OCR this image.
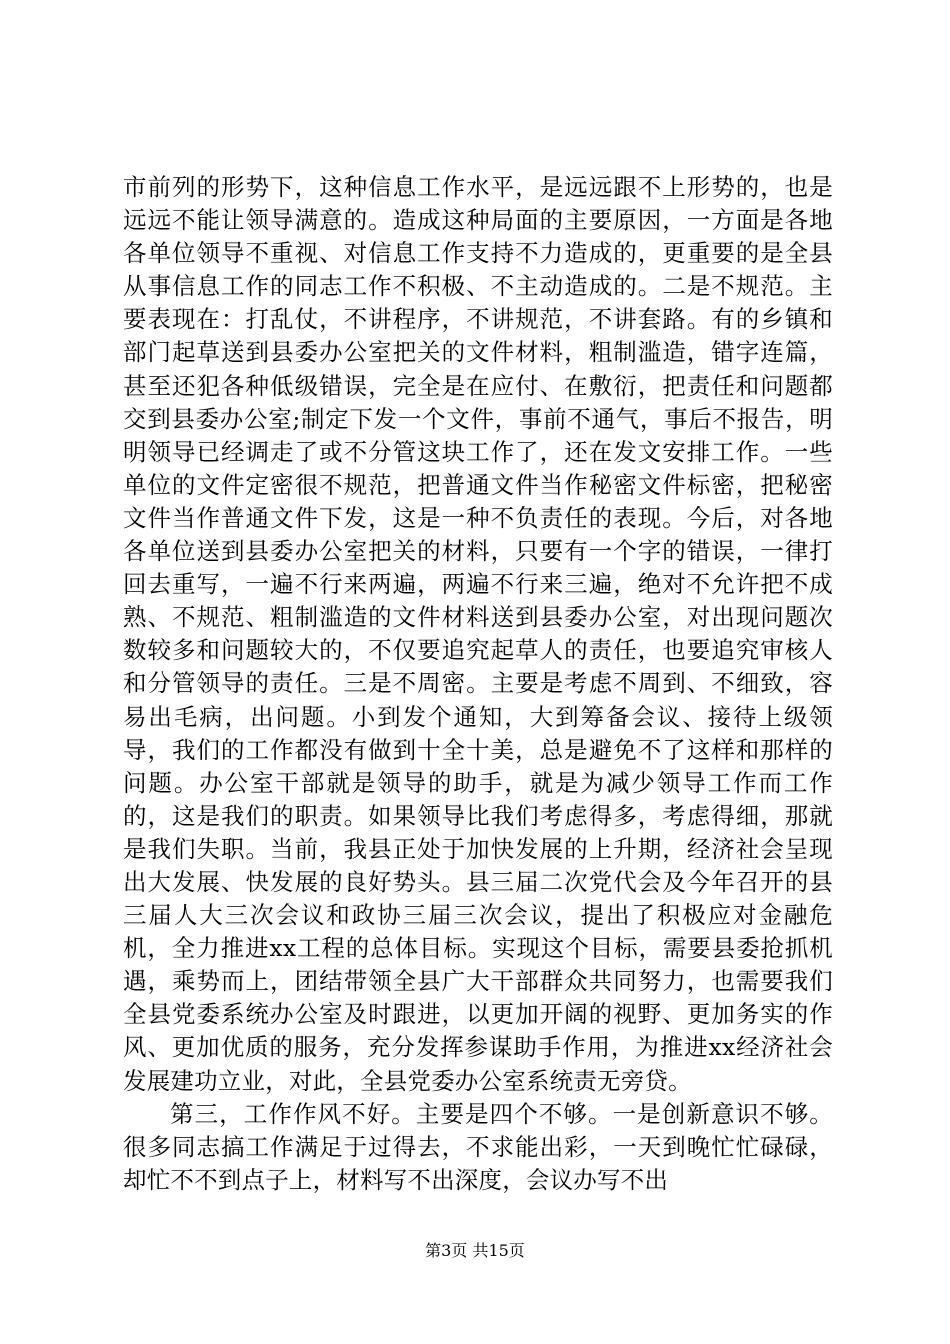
市前列的形势下，这种信息工作水平，是远远跟不上形势的，也是远远不能让领导满意的。造成这种局面的主要原因，一方面是各地各单位领导不重视、对信息工作支持不力造成的，更重要的是全县从事信息工作的同志工作不积极、不主动造成的。二是不规范。主要表现在：打乱仗，不讲程序，不讲规范，不讲套路。有的乡镇和部门起草送到县委办公室把关的文件材料，粗制滥造，错字连篇，甚至还犯各种低级错误，完全是在应付、在敷衍，把责任和问题都交到县委办公室;制定下发一个文件，事前不通气，事后不报告，明明领导已经调走了或不分管这块工作了，还在发文安排工作。一些单位的文件定密很不规范，把普通文件当作秘密文件标密，把秘密文件当作普通文件下发，这是一种不负责任的表现。今后，对各地各单位送到县委办公室把关的材料，只要有一个字的错误，一律打回去重写，一遍不行来两遍，两遍不行来三遍，绝对不允许把不成熟、不规范、粗制滥造的文件材料送到县委办公室，对出现问题次数较多和问题较大的，不仅要追究起草人的责任，也要追究审核人和分管领导的责任。三是不周密。主要是考虑不周到、不细致，容易出毛病，出问题。小到发个通知，大到筹备会议、接待上级领导，我们的工作都没有做到十全十美，总是避免不了这样和那样的问题。办公室干部就是领导的助手，就是为减少领导工作而工作的，这是我们的职责。如果领导比我们考虑得多，考虑得细，那就是我们失职。当前，我县正处于加快发展的上升期，经济社会呈现出大发展、快发展的良好势头。县三届二次党代会及今年召开的县三届人大三次会议和政协三届三次会议，提出了积极应对金融危机，全力推进xx工程的总体目标。实现这个目标，需要县委抢抓机遇，乘势而上，团结带领全县广大干部群众共同努力，也需要我们全县党委系统办公室及时跟进，以更加开阔的视野、更加务实的作风、更加优质的服务，充分发挥参谋助手作用，为推进xx经济社会发展建功立业，对此，全县党委办公室系统责无旁贷。

第三，工作作风不好。主要是四个不够。一是创新意识不够。很多同志搞工作满足于过得去，不求能出彩，一天到晚忙忙碌碌，却忙不不到点子上，材料写不出深度，会议办写不出

第3页 共15页
